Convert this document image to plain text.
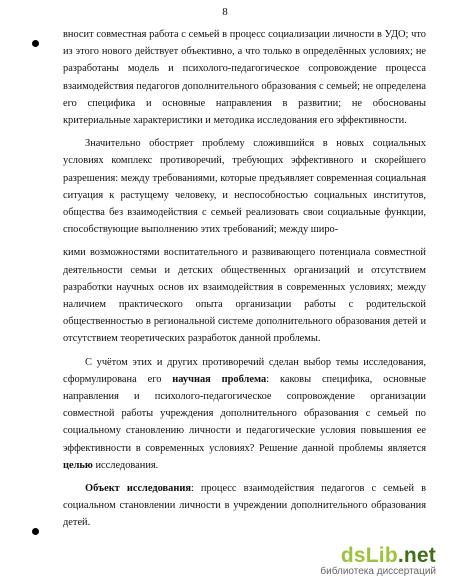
8

вносит совместная работа с семьей в процесс социализации личности в УДО; что из этого нового действует объективно, а что только в определённых условиях; не разработаны модель и психолого-педагогическое сопровождение процесса взаимодействия педагогов дополнительного образования с семьей; не определена его специфика и основные направления в развитии; не обоснованы критериальные характеристики и методика исследования его эффективности.

Значительно обостряет проблему сложившийся в новых социальных условиях комплекс противоречий, требующих эффективного и скорейшего разрешения: между требованиями, которые предъявляет современная социальная ситуация к растущему человеку, и неспособностью социальных институтов, общества без взаимодействия с семьей реализовать свои социальные функции, способствующие выполнению этих требований; между широ-

кими возможностями воспитательного и развивающего потенциала совместной деятельности семьи и детских общественных организаций и отсутствием разработки научных основ их взаимодействия в современных условиях; между наличием практического опыта организации работы с родительской общественностью в региональной системе дополнительного образования детей и отсутствием теоретических разработок данной проблемы.

С учётом этих и других противоречий сделан выбор темы исследования, сформулирована его научная проблема: каковы специфика, основные направления и психолого-педагогическое сопровождение организации совместной работы учреждения дополнительного образования с семьей по социальному становлению личности и педагогические условия повышения ее эффективности в современных условиях? Решение данной проблемы является целью исследования.

Объект исследования: процесс взаимодействия педагогов с семьей в социальном становлении личности в учреждении дополнительного образования детей.

dsLib.net
библиотека диссертаций
